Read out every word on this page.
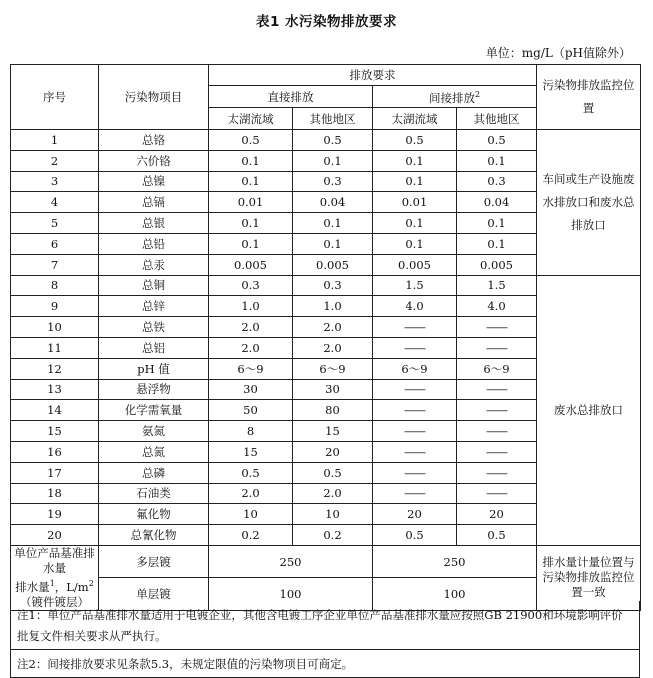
表1 水污染物排放要求
单位：mg/L（pH值除外）
序号	污染物项目	排放要求				污染物排放监控位置
		直接排放		间接排放$^2$
		太湖流域	其他地区	太湖流域	其他地区	
1	总铬	0.5	0.5	0.5	0.5	车间或生产设施废水排放口和废水总排放口
2	六价铬	0.1	0.1	0.1	0.1	
3	总镍	0.1	0.3	0.1	0.3	
4	总镉	0.01	0.04	0.01	0.04	
5	总银	0.1	0.1	0.1	0.1	
6	总铅	0.1	0.1	0.1	0.1	
7	总汞	0.005	0.005	0.005	0.005	
8	总铜	0.3	0.3	1.5	1.5	废水总排放口
9	总锌	1.0	1.0	4.0	4.0	
10	总铁	2.0	2.0	——	——	
11	总铝	2.0	2.0	——	——	
12	pH 值	6～9	6～9	6～9	6～9	
13	悬浮物	30	30	——	——	
14	化学需氧量	50	80	——	——	
15	氨氮	8	15	——	——	
16	总氮	15	20	——	——	
17	总磷	0.5	0.5	——	——	
18	石油类	2.0	2.0	——	——	
19	氟化物	10	10	20	20	
20	总氰化物	0.2	0.2	0.5	0.5	
单位产品基准排水量
排水量$^1$，$L/m^2$
（镀件镀层）	多层镀	250		250		排水量计量位置与污染物排放监控位置一致
	单层镀	100		100		
注1：单位产品基准排水量适用于电镀企业，其他含电镀工序企业单位产品基准排水量应按照GB 21900和环境影响评价批复文件相关要求从严执行。
注2：间接排放要求见条款5.3，未规定限值的污染物项目可商定。
